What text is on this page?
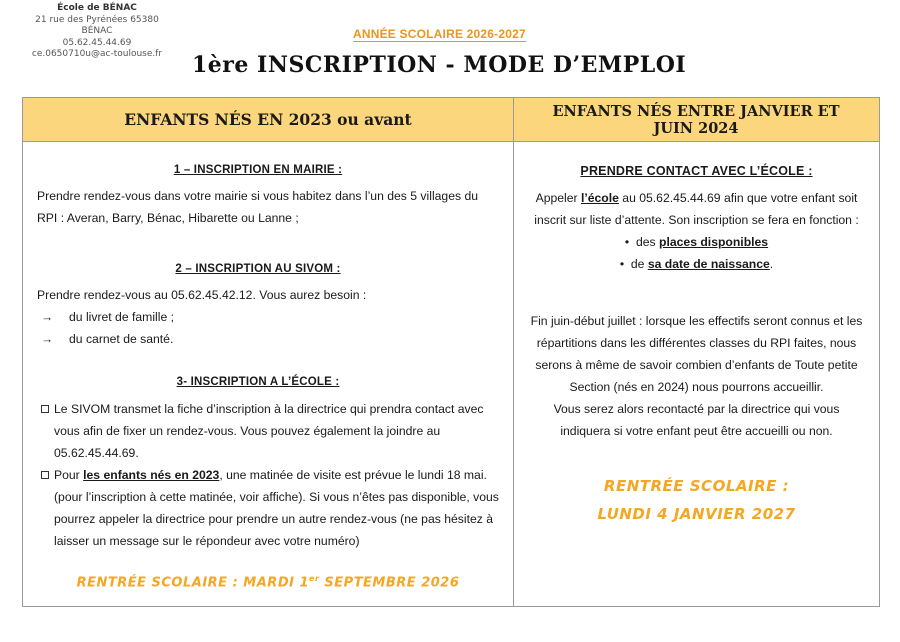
École de BÉNAC
21 rue des Pyrénées 65380 BÉNAC
05.62.45.44.69
ce.0650710u@ac-toulouse.fr
ANNÉE SCOLAIRE 2026-2027
1ère INSCRIPTION - MODE D’EMPLOI
ENFANTS NÉS EN 2023 ou avant	ENFANTS NÉS ENTRE JANVIER ET JUIN 2024
1 – INSCRIPTION EN MAIRIE :
Prendre rendez-vous dans votre mairie si vous habitez dans l’un des 5 villages du
RPI : Averan, Barry, Bénac, Hibarette ou Lanne ;
2 – INSCRIPTION AU SIVOM :
Prendre rendez-vous au 05.62.45.42.12. Vous aurez besoin :
→ du livret de famille ;
→ du carnet de santé.
3- INSCRIPTION A L’ÉCOLE :
Le SIVOM transmet la fiche d’inscription à la directrice qui prendra contact avec
vous afin de fixer un rendez-vous. Vous pouvez également la joindre au
05.62.45.44.69.
Pour les enfants nés en 2023, une matinée de visite est prévue le lundi 18 mai.
(pour l’inscription à cette matinée, voir affiche). Si vous n’êtes pas disponible, vous
pourrez appeler la directrice pour prendre un autre rendez-vous (ne pas hésitez à
laisser un message sur le répondeur avec votre numéro)
RENTRÉE SCOLAIRE : MARDI 1er SEPTEMBRE 2026
PRENDRE CONTACT AVEC L’ÉCOLE :
Appeler l’école au 05.62.45.44.69 afin que votre enfant soit
inscrit sur liste d’attente. Son inscription se fera en fonction :
• des places disponibles
• de sa date de naissance.
Fin juin-début juillet : lorsque les effectifs seront connus et les
répartitions dans les différentes classes du RPI faites, nous
serons à même de savoir combien d’enfants de Toute petite
Section (nés en 2024) nous pourrons accueillir.
Vous serez alors recontacté par la directrice qui vous
indiquera si votre enfant peut être accueilli ou non.
RENTRÉE SCOLAIRE :
LUNDI 4 JANVIER 2027
